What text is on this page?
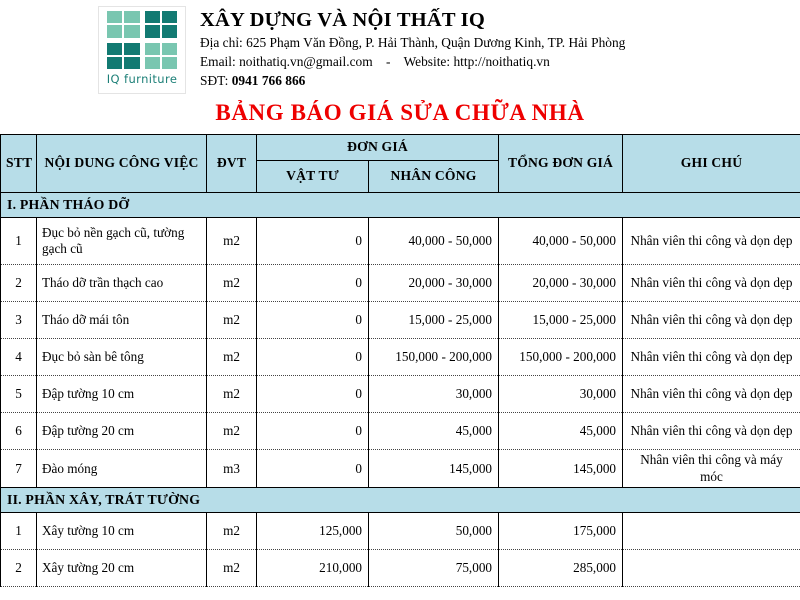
IQ furniture
XÂY DỰNG VÀ NỘI THẤT IQ
Địa chỉ: 625 Phạm Văn Đồng, P. Hải Thành, Quận Dương Kinh, TP. Hải Phòng
Email: noithatiq.vn@gmail.com - Website: http://noithatiq.vn
SĐT: 0941 766 866
BẢNG BÁO GIÁ SỬA CHỮA NHÀ
STT	NỘI DUNG CÔNG VIỆC	ĐVT	ĐƠN GIÁ		TỔNG ĐƠN GIÁ	GHI CHÚ
			VẬT TƯ	NHÂN CÔNG		
I. PHẦN THÁO DỠ						
1	Đục bỏ nền gạch cũ, tường gạch cũ	m2	0	40,000 - 50,000	40,000 - 50,000	Nhân viên thi công và dọn dẹp
2	Tháo dỡ trần thạch cao	m2	0	20,000 - 30,000	20,000 - 30,000	Nhân viên thi công và dọn dẹp
3	Tháo dỡ mái tôn	m2	0	15,000 - 25,000	15,000 - 25,000	Nhân viên thi công và dọn dẹp
4	Đục bỏ sàn bê tông	m2	0	150,000 - 200,000	150,000 - 200,000	Nhân viên thi công và dọn dẹp
5	Đập tường 10 cm	m2	0	30,000	30,000	Nhân viên thi công và dọn dẹp
6	Đập tường 20 cm	m2	0	45,000	45,000	Nhân viên thi công và dọn dẹp
7	Đào móng	m3	0	145,000	145,000	Nhân viên thi công và máy móc
II. PHẦN XÂY, TRÁT TƯỜNG						
1	Xây tường 10 cm	m2	125,000	50,000	175,000	
2	Xây tường 20 cm	m2	210,000	75,000	285,000	
